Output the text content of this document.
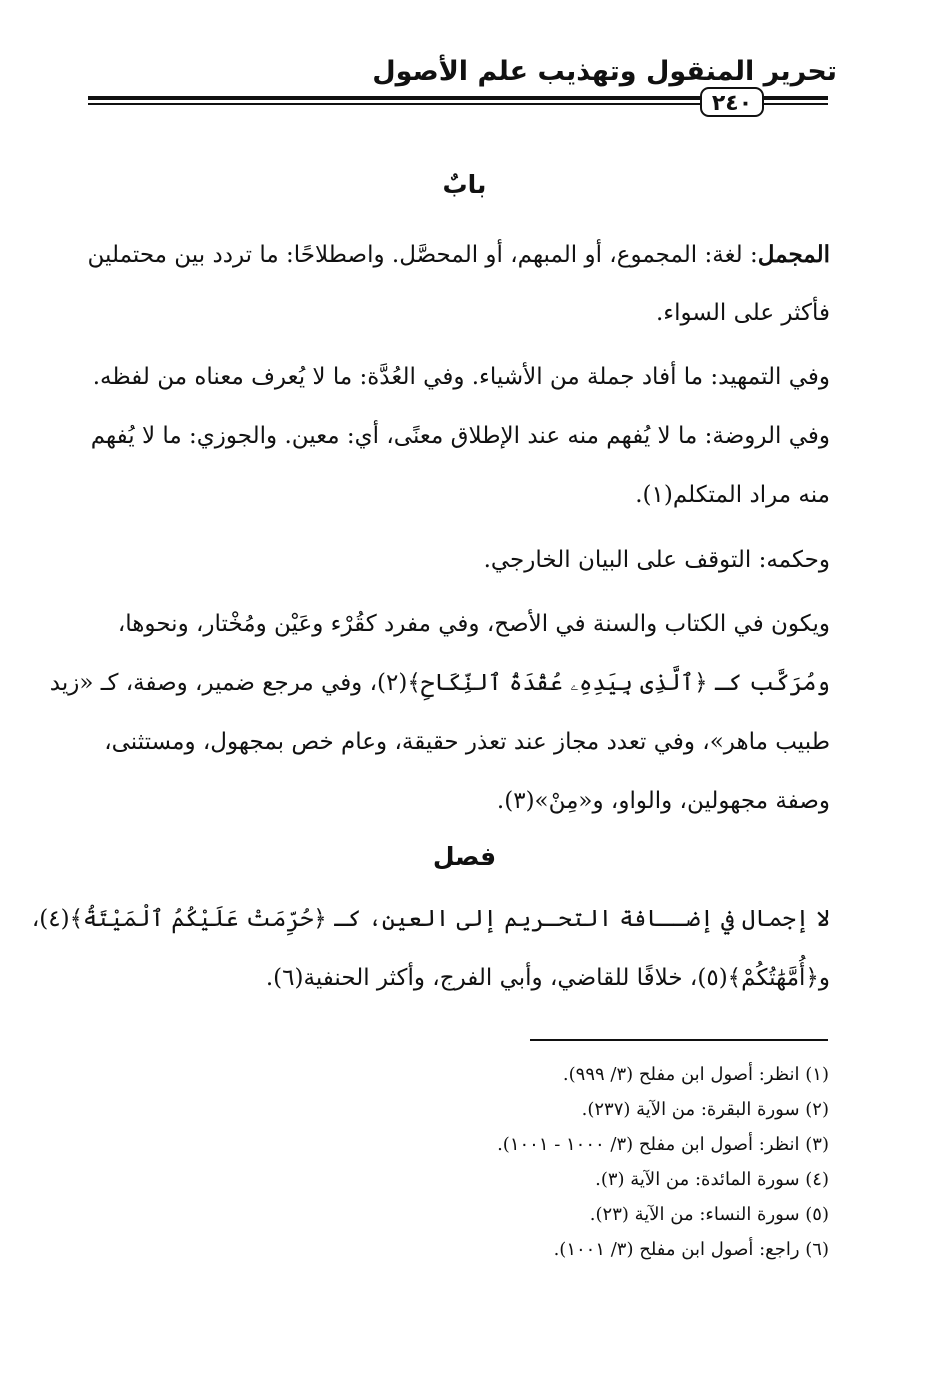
تحرير المنقول وتهذيب علم الأصول
٢٤٠
بابٌ
المجمل: لغة: المجموع، أو المبهم، أو المحصَّل. واصطلاحًا: ما تردد بين محتملين
فأكثر على السواء.
وفي التمهيد: ما أفاد جملة من الأشياء. وفي العُدَّة: ما لا يُعرف معناه من لفظه.
وفي الروضة: ما لا يُفهم منه عند الإطلاق معنًى، أي: معين. والجوزي: ما لا يُفهم
منه مراد المتكلم(١).
وحكمه: التوقف على البيان الخارجي.
ويكون في الكتاب والسنة في الأصح، وفي مفرد كقُرْء وعَيْن ومُخْتار، ونحوها،
ومُرَكَّب كـ ﴿ٱلَّذِى بِيَدِهِۦ عُقْدَةُ ٱلنِّكَاحِ﴾(٢)، وفي مرجع ضمير، وصفة، كـ «زيد
طبيب ماهر»، وفي تعدد مجاز عند تعذر حقيقة، وعام خص بمجهول، ومستثنى،
وصفة مجهولين، والواو، و«مِنْ»(٣).
فصل
لا إجمال في إضــافة التحـريم إلى العين، كـ ﴿حُرِّمَتْ عَلَيْكُمُ ٱلْمَيْتَةُ﴾(٤)،
و﴿أُمَّهَٰتُكُمْ﴾(٥)، خلافًا للقاضي، وأبي الفرج، وأكثر الحنفية(٦).
(١) انظر: أصول ابن مفلح (٣/ ٩٩٩).
(٢) سورة البقرة: من الآية (٢٣٧).
(٣) انظر: أصول ابن مفلح (٣/ ١٠٠٠ - ١٠٠١).
(٤) سورة المائدة: من الآية (٣).
(٥) سورة النساء: من الآية (٢٣).
(٦) راجع: أصول ابن مفلح (٣/ ١٠٠١).
